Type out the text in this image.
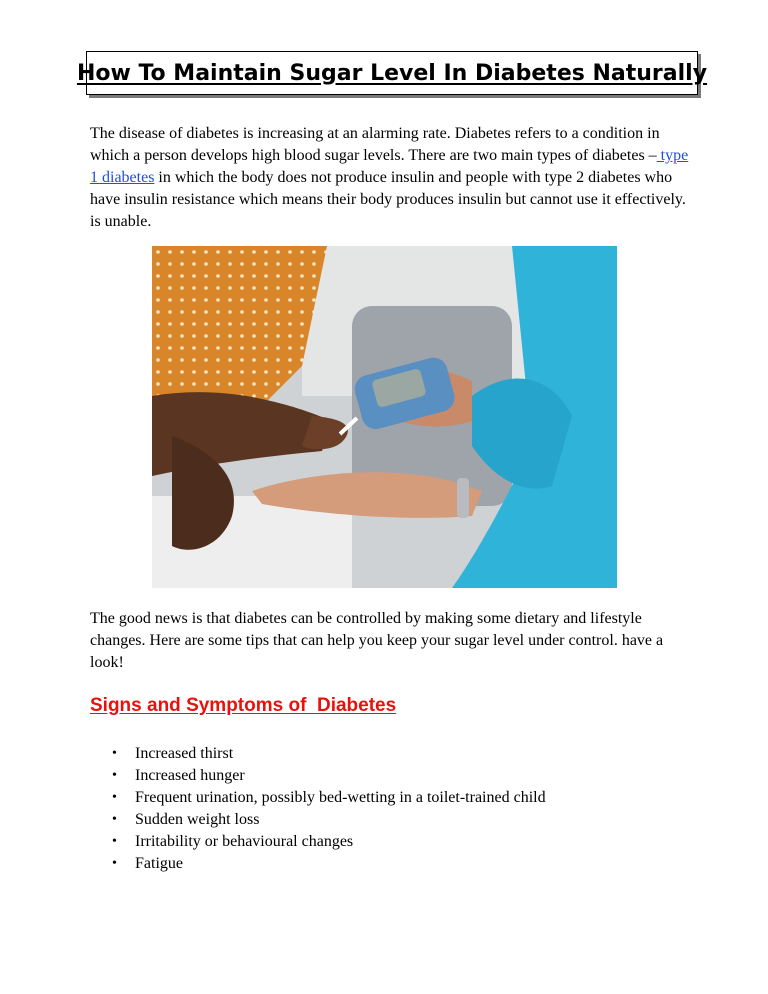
How To Maintain Sugar Level In Diabetes Naturally

The disease of diabetes is increasing at an alarming rate. Diabetes refers to a condition in which a person develops high blood sugar levels. There are two main types of diabetes – type 1 diabetes in which the body does not produce insulin and people with type 2 diabetes who have insulin resistance which means their body produces insulin but cannot use it effectively. is unable.

The good news is that diabetes can be controlled by making some dietary and lifestyle changes. Here are some tips that can help you keep your sugar level under control. have a look!

Signs and Symptoms of  Diabetes
• Increased thirst
• Increased hunger
• Frequent urination, possibly bed-wetting in a toilet-trained child
• Sudden weight loss
• Irritability or behavioural changes
• Fatigue
